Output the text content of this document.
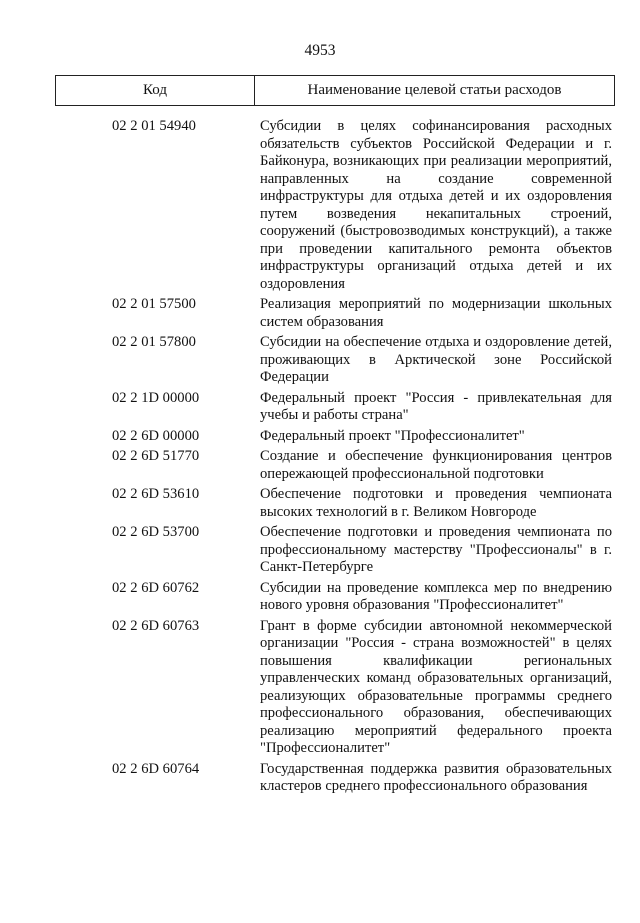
4953
Код	Наименование целевой статьи расходов
02 2 01 54940	Субсидии в целях софинансирования расходных обязательств субъектов Российской Федерации и г. Байконура, возникающих при реализации мероприятий, направленных на создание современной инфраструктуры для отдыха детей и их оздоровления путем возведения некапитальных строений, сооружений (быстровозводимых конструкций), а также при проведении капитального ремонта объектов инфраструктуры организаций отдыха детей и их оздоровления
02 2 01 57500	Реализация мероприятий по модернизации школьных систем образования
02 2 01 57800	Субсидии на обеспечение отдыха и оздоровление детей, проживающих в Арктической зоне Российской Федерации
02 2 1D 00000	Федеральный проект "Россия - привлекательная для учебы и работы страна"
02 2 6D 00000	Федеральный проект "Профессионалитет"
02 2 6D 51770	Создание и обеспечение функционирования центров опережающей профессиональной подготовки
02 2 6D 53610	Обеспечение подготовки и проведения чемпионата высоких технологий в г. Великом Новгороде
02 2 6D 53700	Обеспечение подготовки и проведения чемпионата по профессиональному мастерству "Профессионалы" в г. Санкт-Петербурге
02 2 6D 60762	Субсидии на проведение комплекса мер по внедрению нового уровня образования "Профессионалитет"
02 2 6D 60763	Грант в форме субсидии автономной некоммерческой организации "Россия - страна возможностей" в целях повышения квалификации региональных управленческих команд образовательных организаций, реализующих образовательные программы среднего профессионального образования, обеспечивающих реализацию мероприятий федерального проекта "Профессионалитет"
02 2 6D 60764	Государственная поддержка развития образовательных кластеров среднего профессионального образования
